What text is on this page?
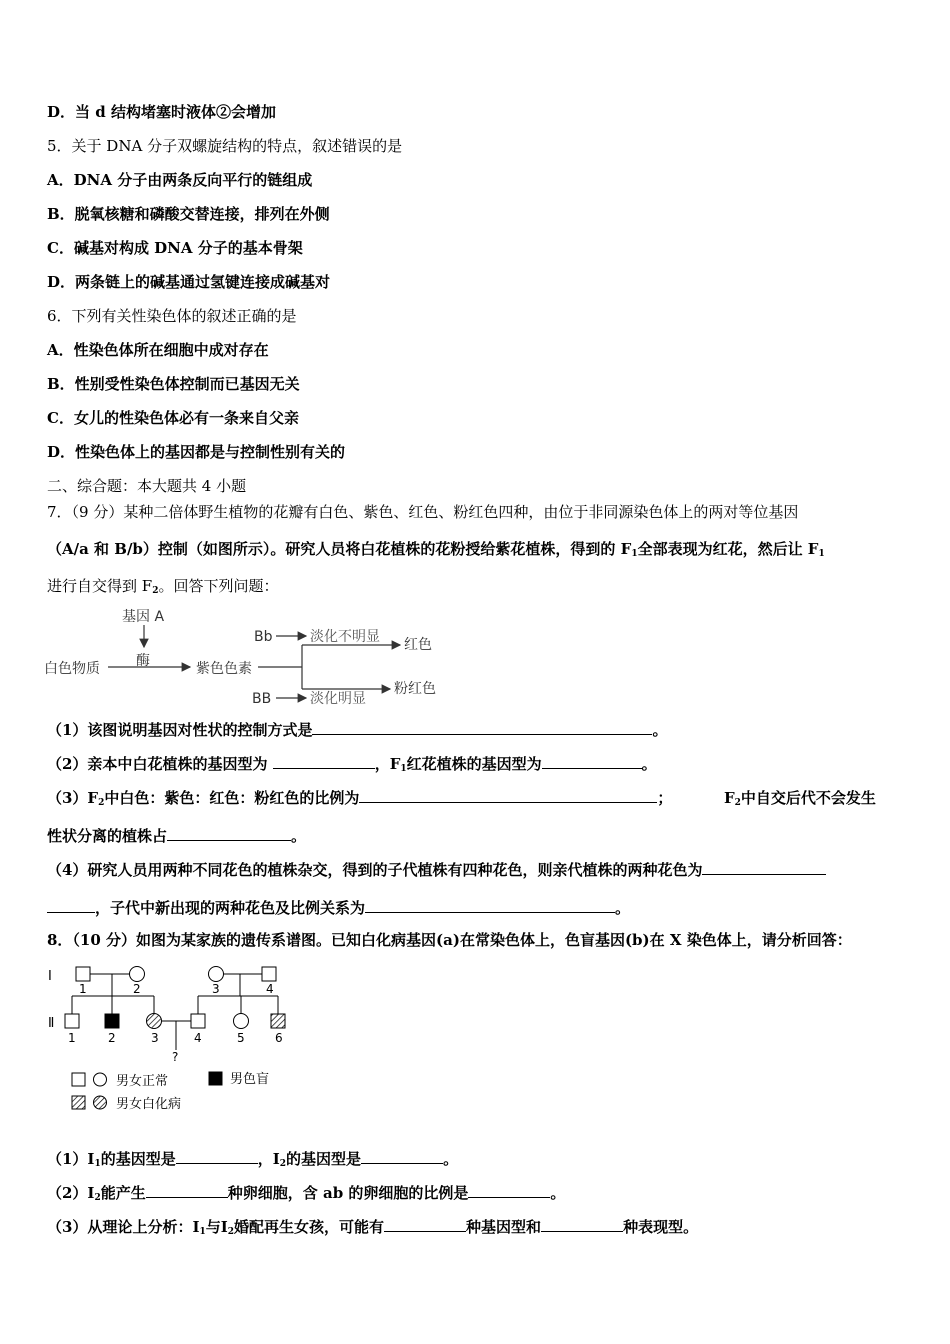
D．当 d 结构堵塞时液体②会增加
5．关于 DNA 分子双螺旋结构的特点，叙述错误的是
A．DNA 分子由两条反向平行的链组成
B．脱氧核糖和磷酸交替连接，排列在外侧
C．碱基对构成 DNA 分子的基本骨架
D．两条链上的碱基通过氢键连接成碱基对
6．下列有关性染色体的叙述正确的是
A．性染色体所在细胞中成对存在
B．性别受性染色体控制而已基因无关
C．女儿的性染色体必有一条来自父亲
D．性染色体上的基因都是与控制性别有关的
二、综合题：本大题共 4 小题
7．（9 分）某种二倍体野生植物的花瓣有白色、紫色、红色、粉红色四种，由位于非同源染色体上的两对等位基因
（A/a 和 B/b）控制（如图所示）。研究人员将白花植株的花粉授给紫花植株，得到的 F1全部表现为红花，然后让 F1
进行自交得到 F2。回答下列问题：
基因 A
酶
白色物质	紫色色素
Bb	淡化不明显 红色
BB	淡化明显
粉红色
（1）该图说明基因对性状的控制方式是	。
（2）亲本中白花植株的基因型为	，F1红花植株的基因型为	。
（3）F2中白色：紫色：红色：粉红色的比例为	；	F2中自交后代不会发生
性状分离的植株占	。
（4）研究人员用两种不同花色的植株杂交，得到的子代植株有四种花色，则亲代植株的两种花色为
，子代中新出现的两种花色及比例关系为	。
8．（10 分）如图为某家族的遗传系谱图。已知白化病基因(a)在常染色体上，色盲基因(b)在 X 染色体上，请分析回答：
Ⅰ
Ⅱ
1	2	3	4
1	2	3	4	5	6
?
男女正常	男色盲
男女白化病
（1）Ⅰ1的基因型是	，Ⅰ2的基因型是	。
（2）Ⅰ2能产生	种卵细胞，含 ab 的卵细胞的比例是	。
（3）从理论上分析：Ⅰ1与Ⅰ2婚配再生女孩，可能有	种基因型和	种表现型。
